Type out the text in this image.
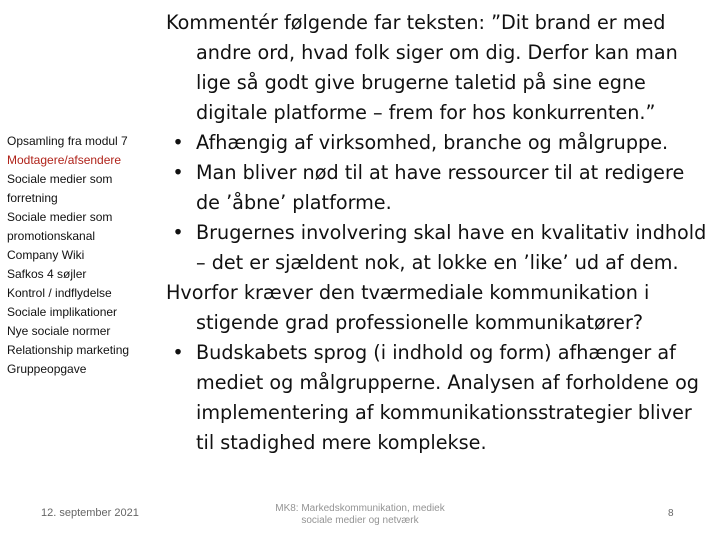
Opsamling fra modul 7
Modtagere/afsendere
Sociale medier som forretning
Sociale medier som promotionskanal
Company Wiki
Safkos 4 søjler
Kontrol / indflydelse
Sociale implikationer
Nye sociale normer
Relationship marketing
Gruppeopgave

Kommentér følgende far teksten: ”Dit brand er med andre ord, hvad folk siger om dig. Derfor kan man lige så godt give brugerne taletid på sine egne digitale platforme – frem for hos konkurrenten.”

• Afhængig af virksomhed, branche og målgruppe.
• Man bliver nød til at have ressourcer til at redigere de ’åbne’ platforme.
• Brugernes involvering skal have en kvalitativ indhold – det er sjældent nok, at lokke en ’like’ ud af dem.

Hvorfor kræver den tværmediale kommunikation i stigende grad professionelle kommunikatører?

• Budskabets sprog (i indhold og form) afhænger af mediet og målgrupperne. Analysen af forholdene og implementering af kommunikationsstrategier bliver til stadighed mere komplekse.
12. september 2021	MK8: Markedskommunikation, mediek
sociale medier og netværk
8
